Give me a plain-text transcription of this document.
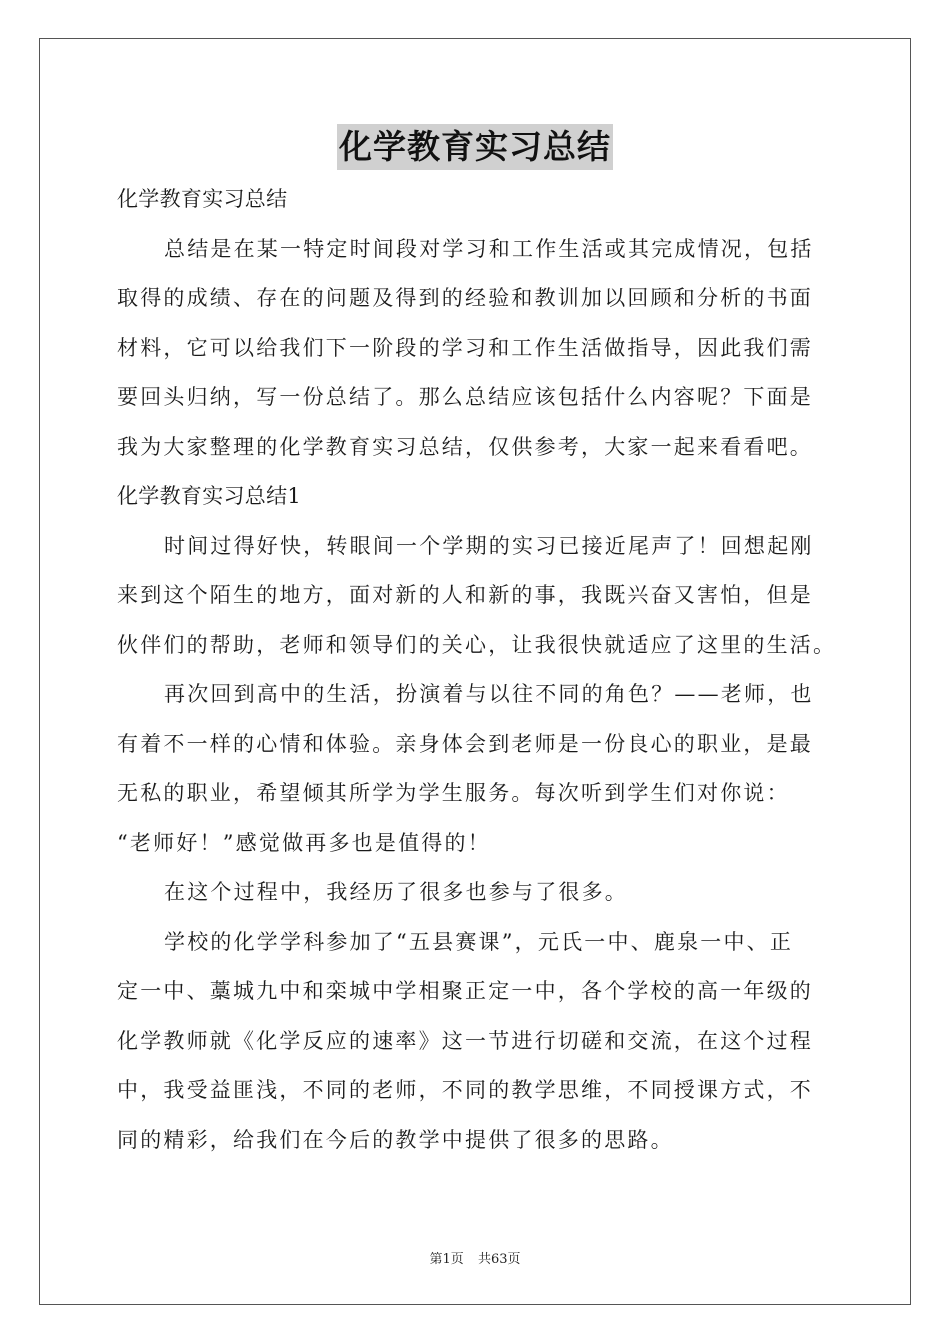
化学教育实习总结
化学教育实习总结
总结是在某一特定时间段对学习和工作生活或其完成情况，包括
取得的成绩、存在的问题及得到的经验和教训加以回顾和分析的书面
材料，它可以给我们下一阶段的学习和工作生活做指导，因此我们需
要回头归纳，写一份总结了。那么总结应该包括什么内容呢？下面是
我为大家整理的化学教育实习总结，仅供参考，大家一起来看看吧。
化学教育实习总结1
时间过得好快，转眼间一个学期的实习已接近尾声了！回想起刚
来到这个陌生的地方，面对新的人和新的事，我既兴奋又害怕，但是
伙伴们的帮助，老师和领导们的关心，让我很快就适应了这里的生活。
再次回到高中的生活，扮演着与以往不同的角色？——老师，也
有着不一样的心情和体验。亲身体会到老师是一份良心的职业，是最
无私的职业，希望倾其所学为学生服务。每次听到学生们对你说：
“老师好！”感觉做再多也是值得的！
在这个过程中，我经历了很多也参与了很多。
学校的化学学科参加了“五县赛课”，元氏一中、鹿泉一中、正
定一中、藁城九中和栾城中学相聚正定一中，各个学校的高一年级的
化学教师就《化学反应的速率》这一节进行切磋和交流，在这个过程
中，我受益匪浅，不同的老师，不同的教学思维，不同授课方式，不
同的精彩，给我们在今后的教学中提供了很多的思路。
第1页 共63页
